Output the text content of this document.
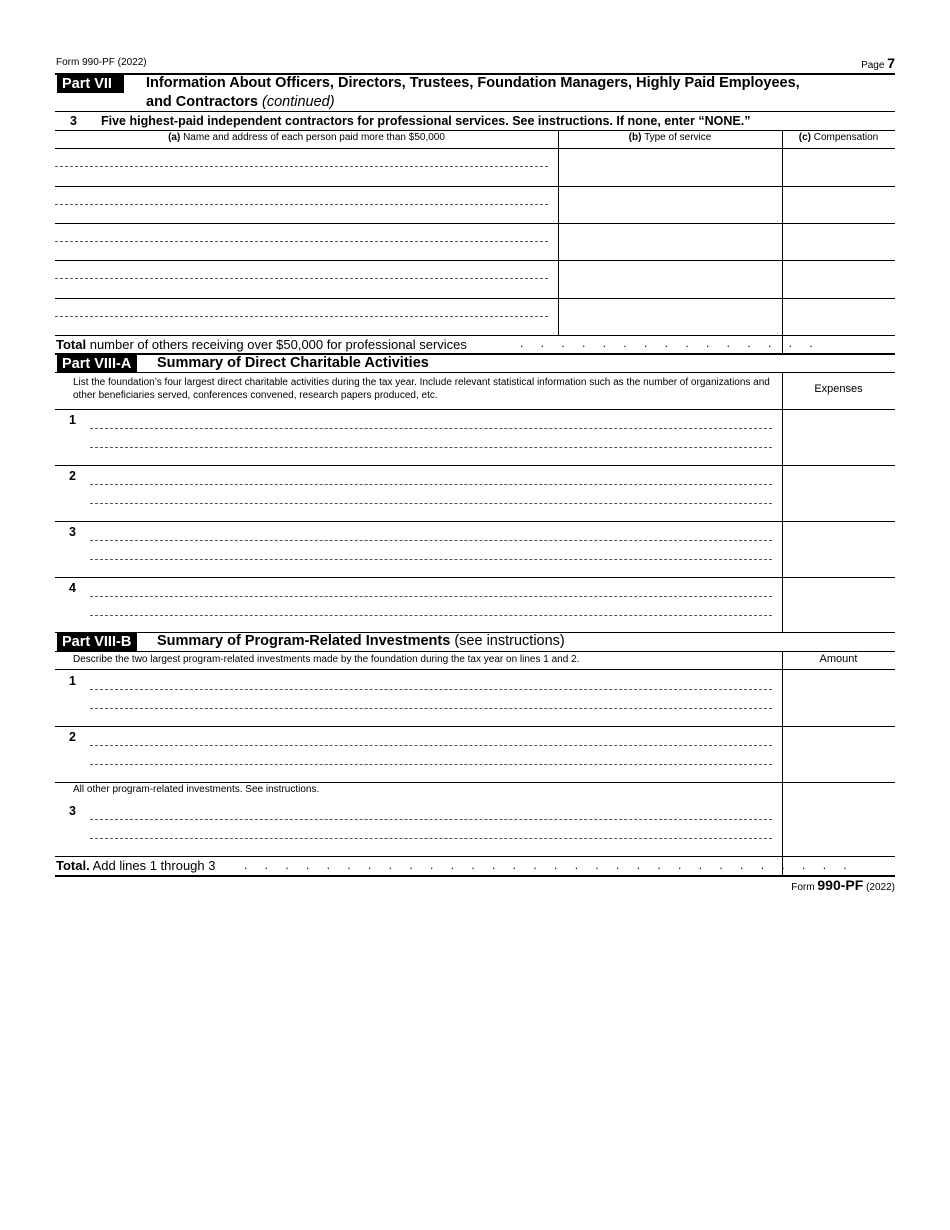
Form 990-PF (2022)	Page 7
Part VII	Information About Officers, Directors, Trustees, Foundation Managers, Highly Paid Employees,
and Contractors (continued)
3 Five highest-paid independent contractors for professional services. See instructions. If none, enter “NONE.”
(a) Name and address of each person paid more than $50,000	(b) Type of service	(c) Compensation
Total number of others receiving over $50,000 for professional services	. . . . . . . . . . . . . . .
Part VIII-A	Summary of Direct Charitable Activities
List the foundation’s four largest direct charitable activities during the tax year. Include relevant statistical information such as the number of organizations and other beneficiaries served, conferences convened, research papers produced, etc.
Expenses
1
2
3
4
Part VIII-B	Summary of Program-Related Investments (see instructions)
Describe the two largest program-related investments made by the foundation during the tax year on lines 1 and 2.	Amount
1
2
All other program-related investments. See instructions.
3
Total. Add lines 1 through 3 . . . . . . . . . . . . . . . . . . . . . . . . . . . . . .
Form 990-PF (2022)
